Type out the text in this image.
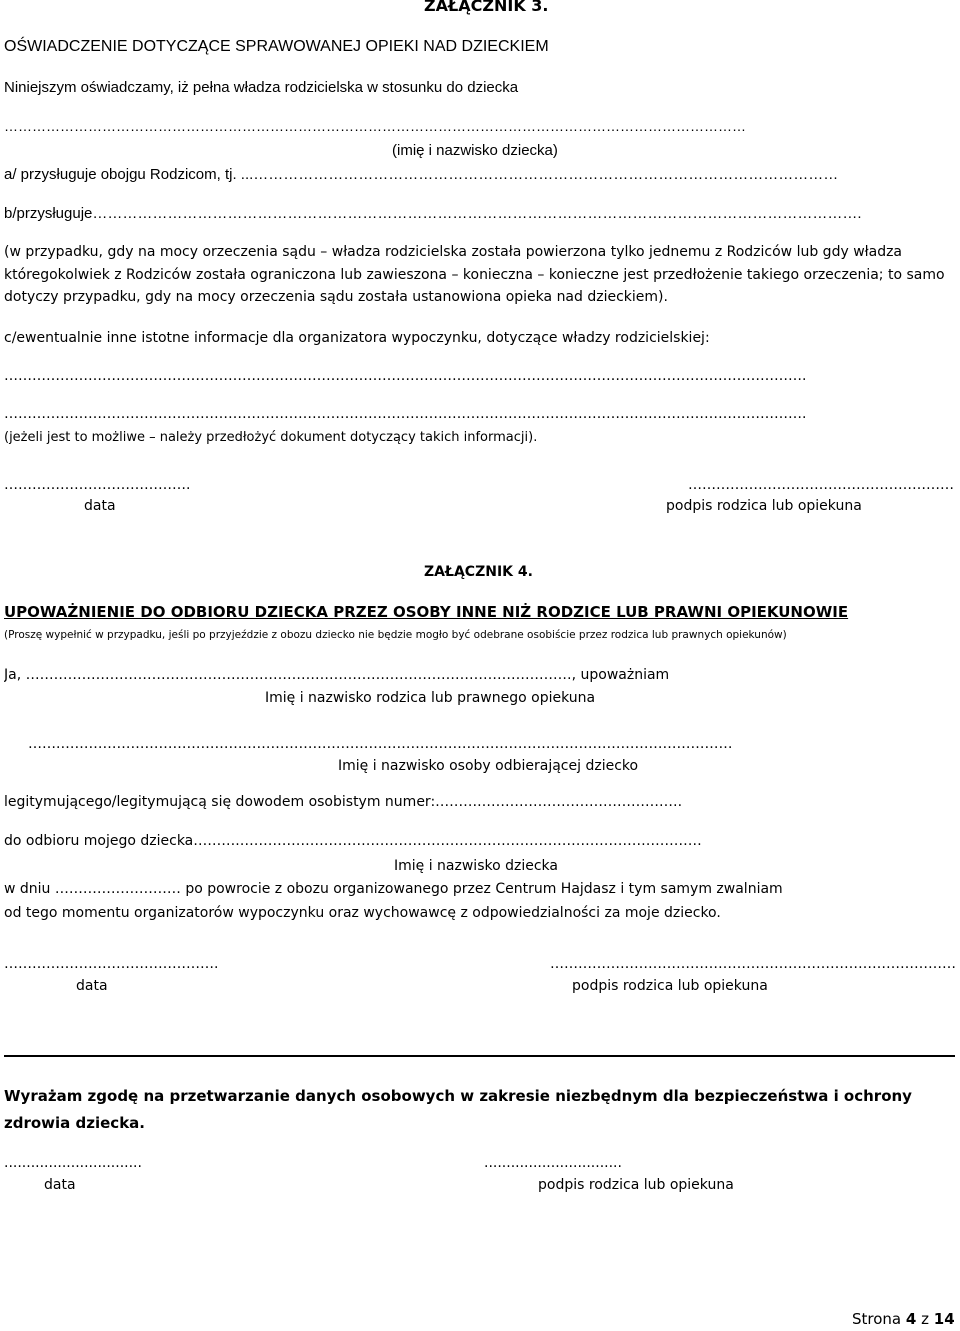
ZAŁĄCZNIK 3.
OŚWIADCZENIE DOTYCZĄCE SPRAWOWANEJ OPIEKI NAD DZIECKIEM
Niniejszym oświadczamy, iż pełna władza rodzicielska w stosunku do dziecka
……………………………………………………………………………………………………………………………………………
(imię i nazwisko dziecka)
a/ przysługuje obojgu Rodzicom, tj. ...………………………………………………………………………………………………………
b/przysługuje……………………………………………………………………………………………………………………………………….
(w przypadku, gdy na mocy orzeczenia sądu – władza rodzicielska została powierzona tylko jednemu z Rodziców lub gdy władza któregokolwiek z Rodziców została ograniczona lub zawieszona – konieczna – konieczne jest przedłożenie takiego orzeczenia; to samo dotyczy przypadku, gdy na mocy orzeczenia sądu została ustanowiona opieka nad dzieckiem).
c/ewentualnie inne istotne informacje dla organizatora wypoczynku, dotyczące władzy rodzicielskiej:
……………………………………………………………………………………………………………………………………………………….
……………………………………………………………………………………………………………………………………………………….
(jeżeli jest to możliwe – należy przedłożyć dokument dotyczący takich informacji).
………………………………….	…………………………………………………
data	podpis rodzica lub opiekuna
ZAŁĄCZNIK 4.
UPOWAŻNIENIE DO ODBIORU DZIECKA PRZEZ OSOBY INNE NIŻ RODZICE LUB PRAWNI OPIEKUNOWIE
(Proszę wypełnić w przypadku, jeśli po przyjeździe z obozu dziecko nie będzie mogło być odebrane osobiście przez rodzica lub prawnych opiekunów)
Ja, ………………………………………………………………………………………………………, upoważniam
Imię i nazwisko rodzica lub prawnego opiekuna
…….………………………………………………………………………………………………………………………………
Imię i nazwisko osoby odbierającej dziecko
legitymującego/legitymującą się dowodem osobistym numer:……….…………………………………….
do odbioru mojego dziecka……….………………………………………………………………………………………
Imię i nazwisko dziecka
w dniu ……………………… po powrocie z obozu organizowanego przez Centrum Hajdasz i tym samym zwalniam
od tego momentu organizatorów wypoczynku oraz wychowawcę z odpowiedzialności za moje dziecko.
……………………………………….	……………………………………………………………………………
data	podpis rodzica lub opiekuna
Wyrażam zgodę na przetwarzanie danych osobowych w zakresie niezbędnym dla bezpieczeństwa i ochrony zdrowia dziecka.
...............................	...............................
data	podpis rodzica lub opiekuna
Strona 4 z 14
